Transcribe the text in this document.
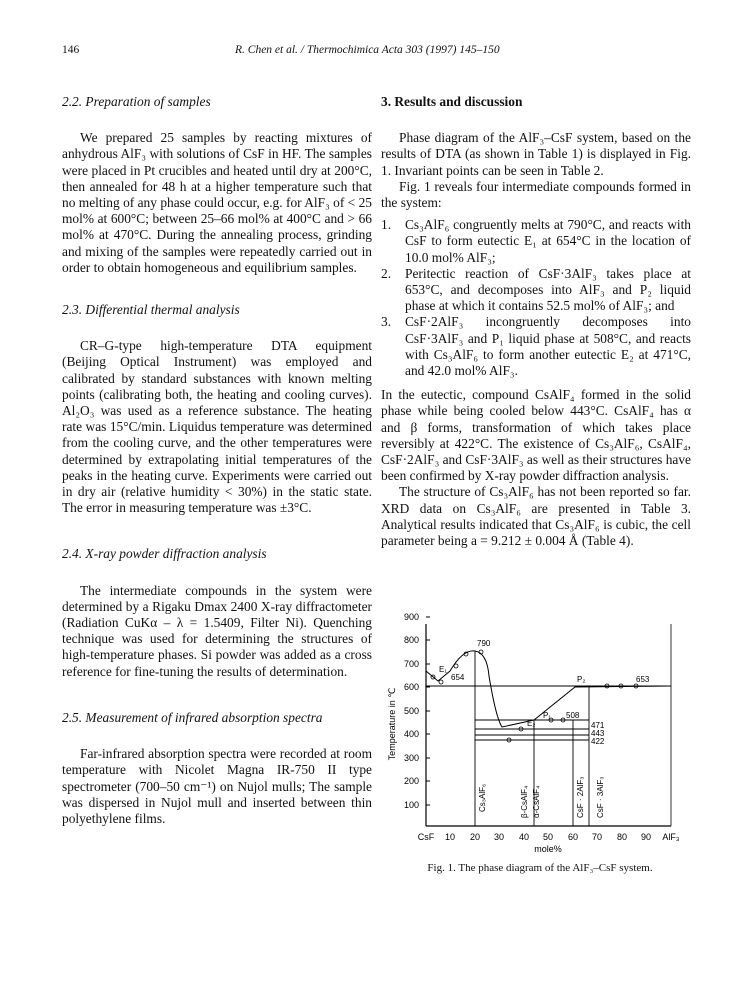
146	R. Chen et al. / Thermochimica Acta 303 (1997) 145–150
2.2. Preparation of samples

We prepared 25 samples by reacting mixtures of anhydrous AlF₃ with solutions of CsF in HF. The samples were placed in Pt crucibles and heated until dry at 200°C, then annealed for 48 h at a higher temperature such that no melting of any phase could occur, e.g. for AlF₃ of < 25 mol% at 600°C; between 25–66 mol% at 400°C and > 66 mol% at 470°C. During the annealing process, grinding and mixing of the samples were repeatedly carried out in order to obtain homogeneous and equilibrium samples.

2.3. Differential thermal analysis

CR–G-type high-temperature DTA equipment (Beijing Optical Instrument) was employed and calibrated by standard substances with known melting points (calibrating both, the heating and cooling curves). Al₂O₃ was used as a reference substance. The heating rate was 15°C/min. Liquidus temperature was determined from the cooling curve, and the other temperatures were determined by extrapolating initial temperatures of the peaks in the heating curve. Experiments were carried out in dry air (relative humidity < 30%) in the static state. The error in measuring temperature was ±3°C.

2.4. X-ray powder diffraction analysis

The intermediate compounds in the system were determined by a Rigaku Dmax 2400 X-ray diffractometer (Radiation CuKα – λ = 1.5409, Filter Ni). Quenching technique was used for determining the structures of high-temperature phases. Si powder was added as a cross reference for fine-tuning the results of determination.

2.5. Measurement of infrared absorption spectra

Far-infrared absorption spectra were recorded at room temperature with Nicolet Magna IR-750 II type spectrometer (700–50 cm⁻¹) on Nujol mulls; The sample was dispersed in Nujol mull and inserted between thin polyethylene films.

3. Results and discussion

Phase diagram of the AlF₃–CsF system, based on the results of DTA (as shown in Table 1) is displayed in Fig. 1. Invariant points can be seen in Table 2.

Fig. 1 reveals four intermediate compounds formed in the system:

1. Cs₃AlF₆ congruently melts at 790°C, and reacts with CsF to form eutectic E₁ at 654°C in the location of 10.0 mol% AlF₃;
2. Peritectic reaction of CsF·3AlF₃ takes place at 653°C, and decomposes into AlF₃ and P₂ liquid phase at which it contains 52.5 mol% of AlF₃; and
3. CsF·2AlF₃ incongruently decomposes into CsF·3AlF₃ and P₁ liquid phase at 508°C, and reacts with Cs₃AlF₆ to form another eutectic E₂ at 471°C, and 42.0 mol% AlF₃.

In the eutectic, compound CsAlF₄ formed in the solid phase while being cooled below 443°C. CsAlF₄ has α and β forms, transformation of which takes place reversibly at 422°C. The existence of Cs₃AlF₆, CsAlF₄, CsF·2AlF₃ and CsF·3AlF₃ as well as their structures have been confirmed by X-ray powder diffraction analysis.

The structure of Cs₃AlF₆ has not been reported so far. XRD data on Cs₃AlF₆ are presented in Table 3. Analytical results indicated that Cs₃AlF₆ is cubic, the cell parameter being a = 9.212 ± 0.004 Å (Table 4).

100
200
300
400
500
600
700
800
900
Temperature in ℃
CsF 10 20 30 40 50 60 70 80 90 AlF₃
mole%
790
654
E₁
653
P₂
508
P₁
E₂	471
443
422
Cs₃AlF₆	β-CsAlF₄ α-CsAlF₄	CsF · 2AlF₃ CsF · 3AlF₃
Fig. 1. The phase diagram of the AlF₃–CsF system.
